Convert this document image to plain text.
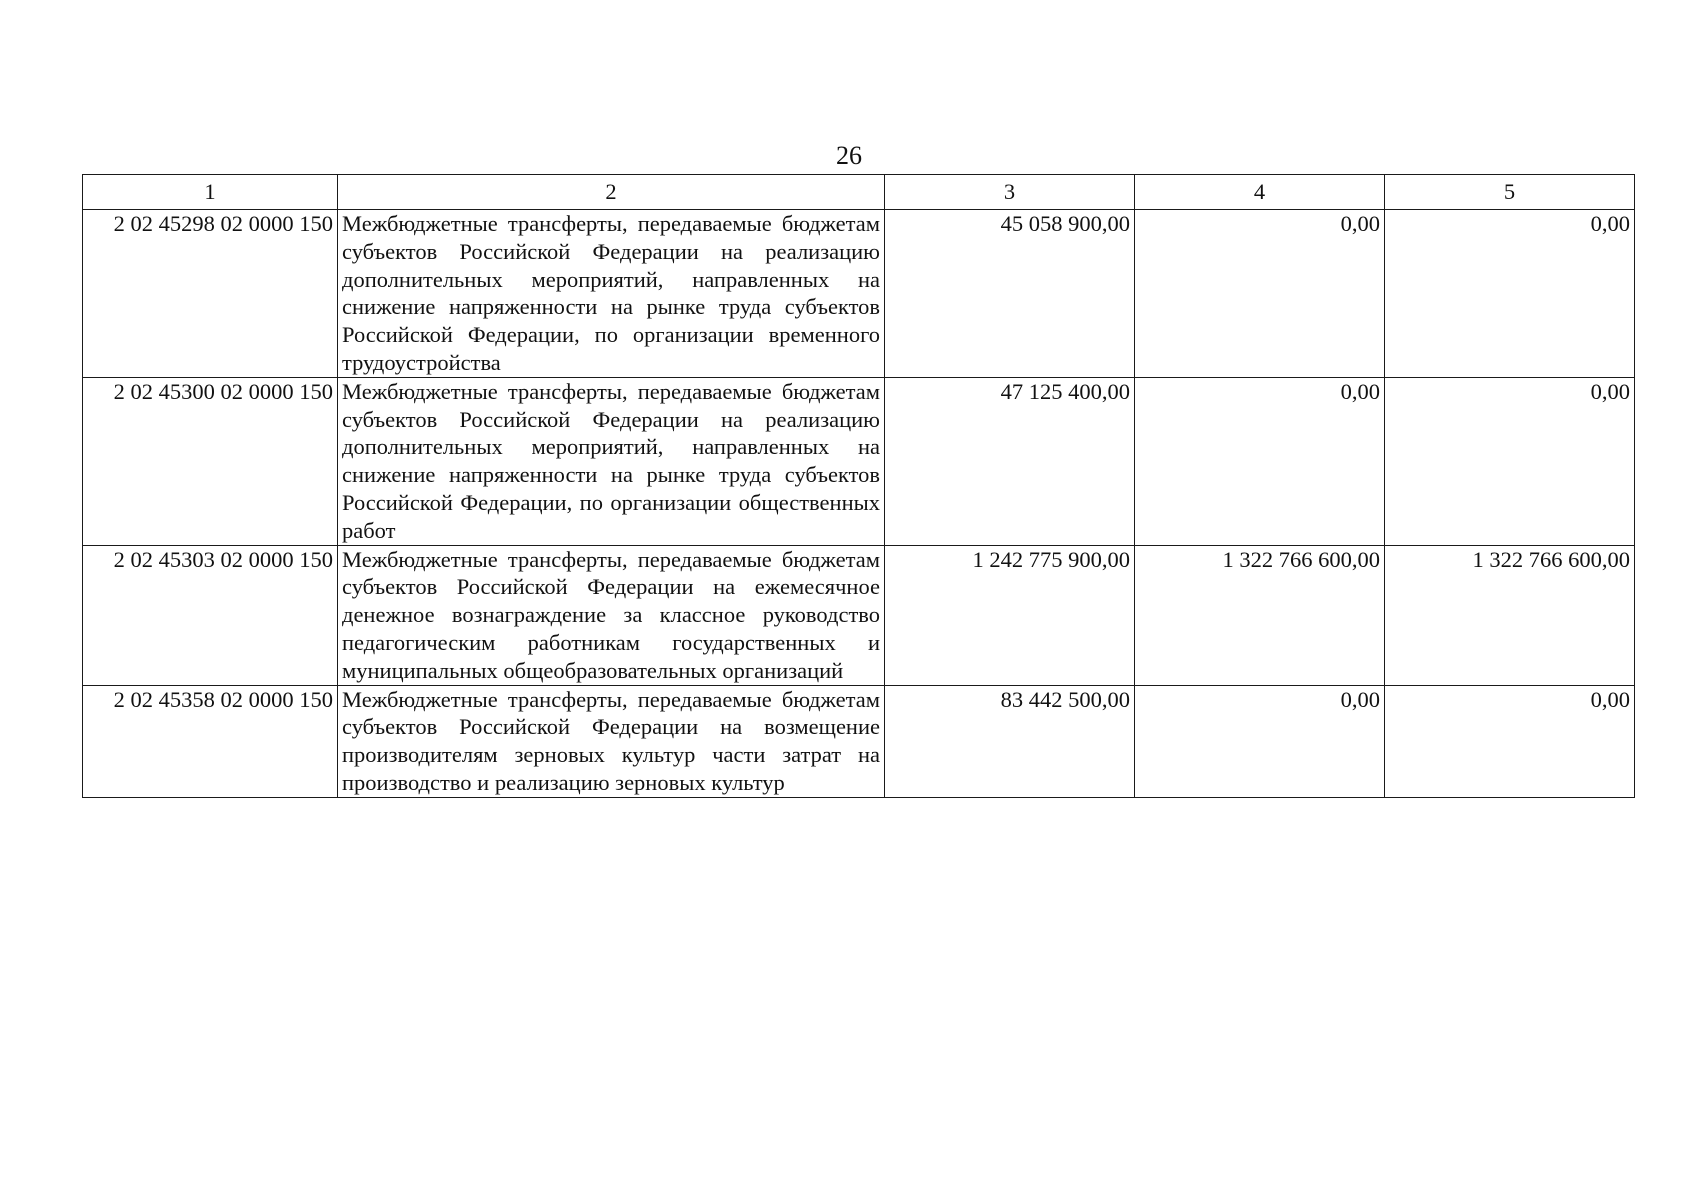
26
1	2	3	4	5
2 02 45298 02 0000 150	Межбюджетные трансферты, передаваемые бюджетам субъектов Российской Федерации на реализацию дополнительных мероприятий, направленных на снижение напряженности на рынке труда субъектов Российской Федерации, по организации временного трудоустройства	45 058 900,00	0,00	0,00
2 02 45300 02 0000 150	Межбюджетные трансферты, передаваемые бюджетам субъектов Российской Федерации на реализацию дополнительных мероприятий, направленных на снижение напряженности на рынке труда субъектов Российской Федерации, по организации общественных работ	47 125 400,00	0,00	0,00
2 02 45303 02 0000 150	Межбюджетные трансферты, передаваемые бюджетам субъектов Российской Федерации на ежемесячное денежное вознаграждение за классное руководство педагогическим работникам государственных и муниципальных общеобразовательных организаций	1 242 775 900,00	1 322 766 600,00	1 322 766 600,00
2 02 45358 02 0000 150	Межбюджетные трансферты, передаваемые бюджетам субъектов Российской Федерации на возмещение производителям зерновых культур части затрат на производство и реализацию зерновых культур	83 442 500,00	0,00	0,00
